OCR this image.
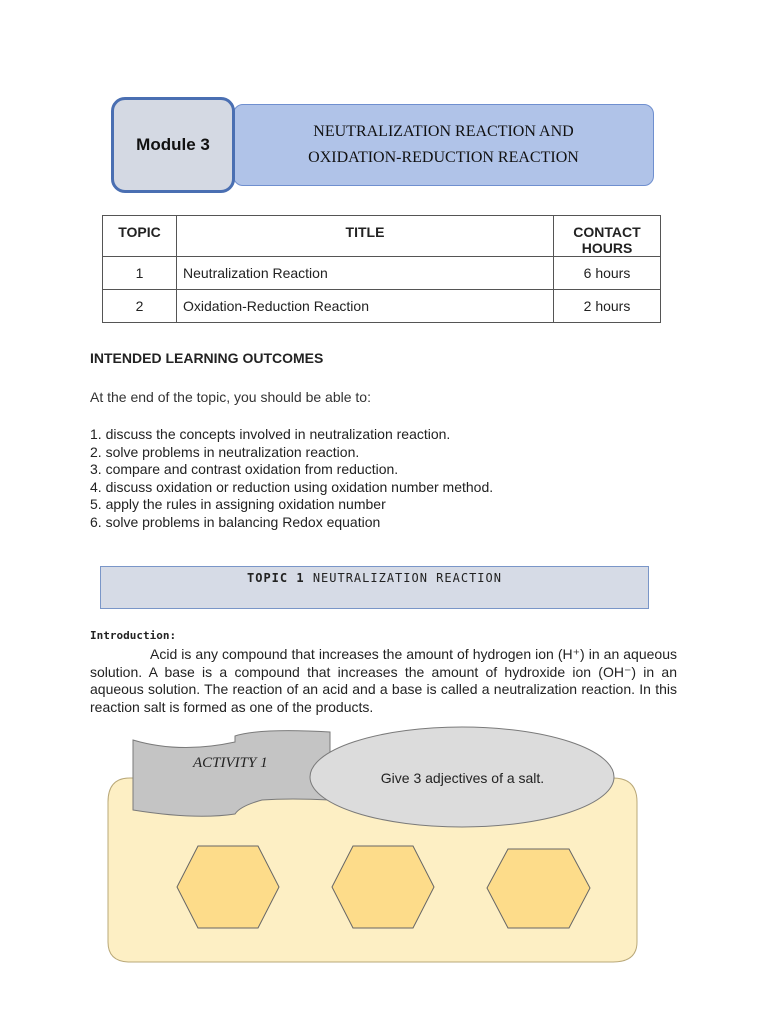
Module 3
NEUTRALIZATION REACTION AND
OXIDATION-REDUCTION REACTION
TOPIC	TITLE	CONTACT HOURS
1	Neutralization Reaction	6 hours
2	Oxidation-Reduction Reaction	2 hours
INTENDED LEARNING OUTCOMES
At the end of the topic, you should be able to:
1. discuss the concepts involved in neutralization reaction.
2. solve problems in neutralization reaction.
3. compare and contrast oxidation from reduction.
4. discuss oxidation or reduction using oxidation number method.
5. apply the rules in assigning oxidation number
6. solve problems in balancing Redox equation
TOPIC 1 NEUTRALIZATION REACTION
Introduction:

Acid is any compound that increases the amount of hydrogen ion (H⁺) in an aqueous solution. A base is a compound that increases the amount of hydroxide ion (OH⁻) in an aqueous solution. The reaction of an acid and a base is called a neutralization reaction. In this reaction salt is formed as one of the products.

ACTIVITY 1
Give 3 adjectives of a salt.
